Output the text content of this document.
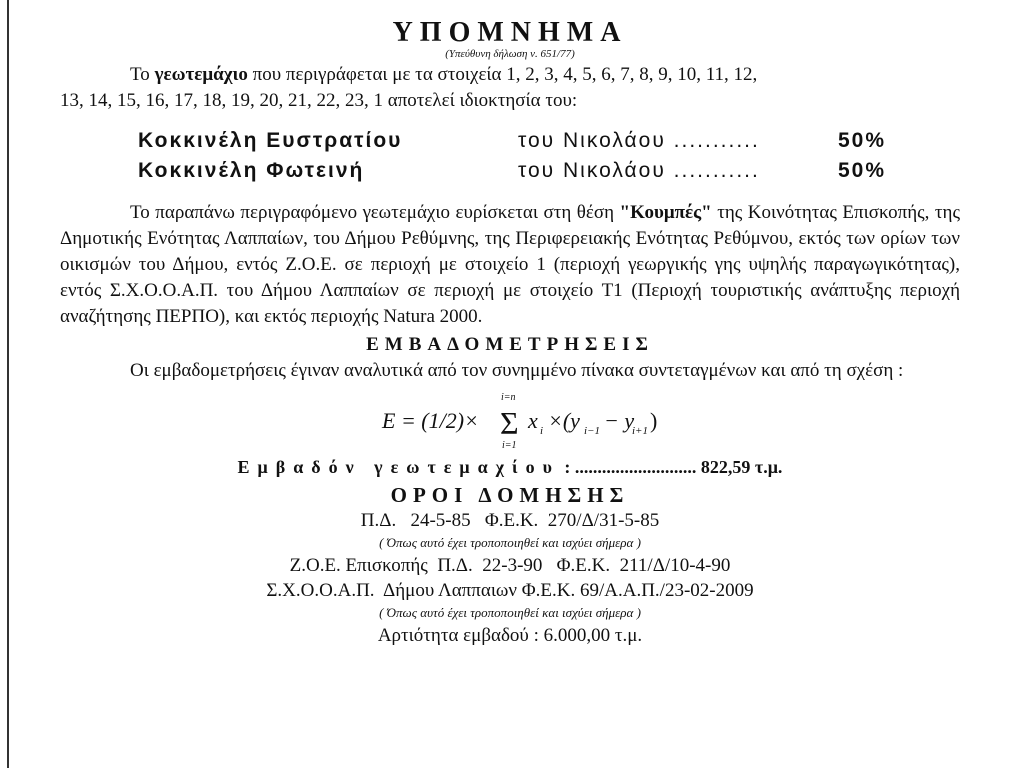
ΥΠΟΜΝΗΜΑ
(Υπεύθυνη δήλωση ν. 651/77)
Το γεωτεμάχιο που περιγράφεται με τα στοιχεία 1, 2, 3, 4, 5, 6, 7, 8, 9, 10, 11, 12,
13, 14, 15, 16, 17, 18, 19, 20, 21, 22, 23, 1 αποτελεί ιδιοκτησία του:
Κοκκινέλη Ευστρατίου	του Νικολάου ...........	50%
Κοκκινέλη Φωτεινή	του Νικολάου ...........	50%
Το παραπάνω περιγραφόμενο γεωτεμάχιο ευρίσκεται στη θέση "Κουμπές" της Κοινότητας Επισκοπής, της Δημοτικής Ενότητας Λαππαίων, του Δήμου Ρεθύμνης, της Περιφερειακής Ενότητας Ρεθύμνου, εκτός των ορίων των οικισμών του Δήμου, εντός Ζ.Ο.Ε. σε περιοχή με στοιχείο 1 (περιοχή γεωργικής γης υψηλής παραγωγικότητας), εντός Σ.Χ.Ο.Ο.Α.Π. του Δήμου Λαππαίων σε περιοχή με στοιχείο Τ1 (Περιοχή τουριστικής ανάπτυξης περιοχή αναζήτησης ΠΕΡΠΟ), και εκτός περιοχής Natura 2000.
ΕΜΒΑΔΟΜΕΤΡΗΣΕΙΣ
Οι εμβαδομετρήσεις έγιναν αναλυτικά από τον συνημμένο πίνακα συντεταγμένων και από τη σχέση :
E = (1/2)×
i=n
Σ
i=1
x i ×(y i−1 − y
i+1 )
Εμβαδόν γεωτεμαχίου : ........................... 822,59 τ.μ.
ΟΡΟΙ ΔΟΜΗΣΗΣ
Π.Δ.   24-5-85   Φ.Ε.Κ.  270/Δ/31-5-85
( Όπως αυτό έχει τροποποιηθεί και ισχύει σήμερα )
Ζ.Ο.Ε. Επισκοπής  Π.Δ.  22-3-90   Φ.Ε.Κ.  211/Δ/10-4-90
Σ.Χ.Ο.Ο.Α.Π.  Δήμου Λαππαιων Φ.Ε.Κ. 69/Α.Α.Π./23-02-2009
( Όπως αυτό έχει τροποποιηθεί και ισχύει σήμερα )
Αρτιότητα εμβαδού : 6.000,00 τ.μ.
